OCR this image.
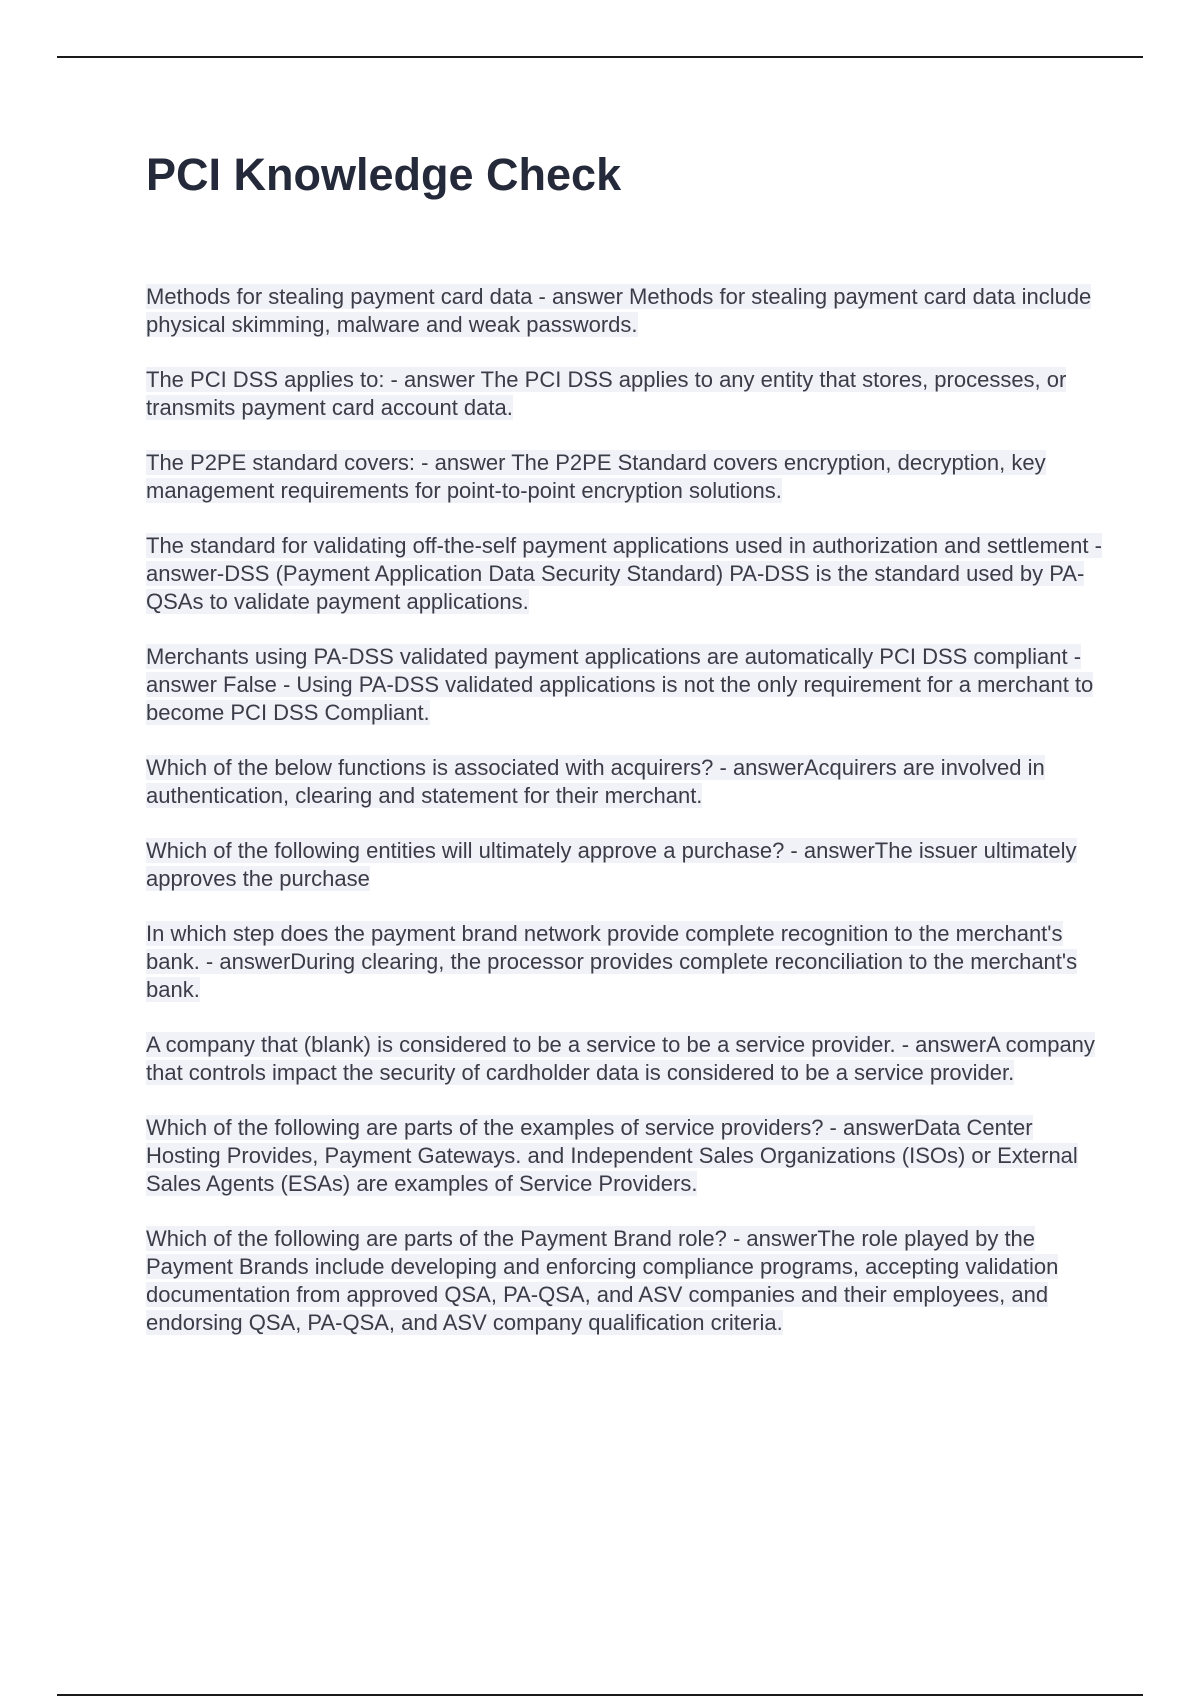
PCI Knowledge Check

Methods for stealing payment card data - answer Methods for stealing payment card data include physical skimming, malware and weak passwords.

The PCI DSS applies to: - answer The PCI DSS applies to any entity that stores, processes, or transmits payment card account data.

The P2PE standard covers: - answer The P2PE Standard covers encryption, decryption, key management requirements for point-to-point encryption solutions.

The standard for validating off-the-self payment applications used in authorization and settlement - answer-DSS (Payment Application Data Security Standard) PA-DSS is the standard used by PA-QSAs to validate payment applications.

Merchants using PA-DSS validated payment applications are automatically PCI DSS compliant - answer False - Using PA-DSS validated applications is not the only requirement for a merchant to become PCI DSS Compliant.

Which of the below functions is associated with acquirers? - answerAcquirers are involved in authentication, clearing and statement for their merchant.

Which of the following entities will ultimately approve a purchase? - answerThe issuer ultimately approves the purchase

In which step does the payment brand network provide complete recognition to the merchant's bank. - answerDuring clearing, the processor provides complete reconciliation to the merchant's bank.

A company that (blank) is considered to be a service to be a service provider. - answerA company that controls impact the security of cardholder data is considered to be a service provider.

Which of the following are parts of the examples of service providers? - answerData Center Hosting Provides, Payment Gateways. and Independent Sales Organizations (ISOs) or External Sales Agents (ESAs) are examples of Service Providers.

Which of the following are parts of the Payment Brand role? - answerThe role played by the Payment Brands include developing and enforcing compliance programs, accepting validation documentation from approved QSA, PA-QSA, and ASV companies and their employees, and endorsing QSA, PA-QSA, and ASV company qualification criteria.
